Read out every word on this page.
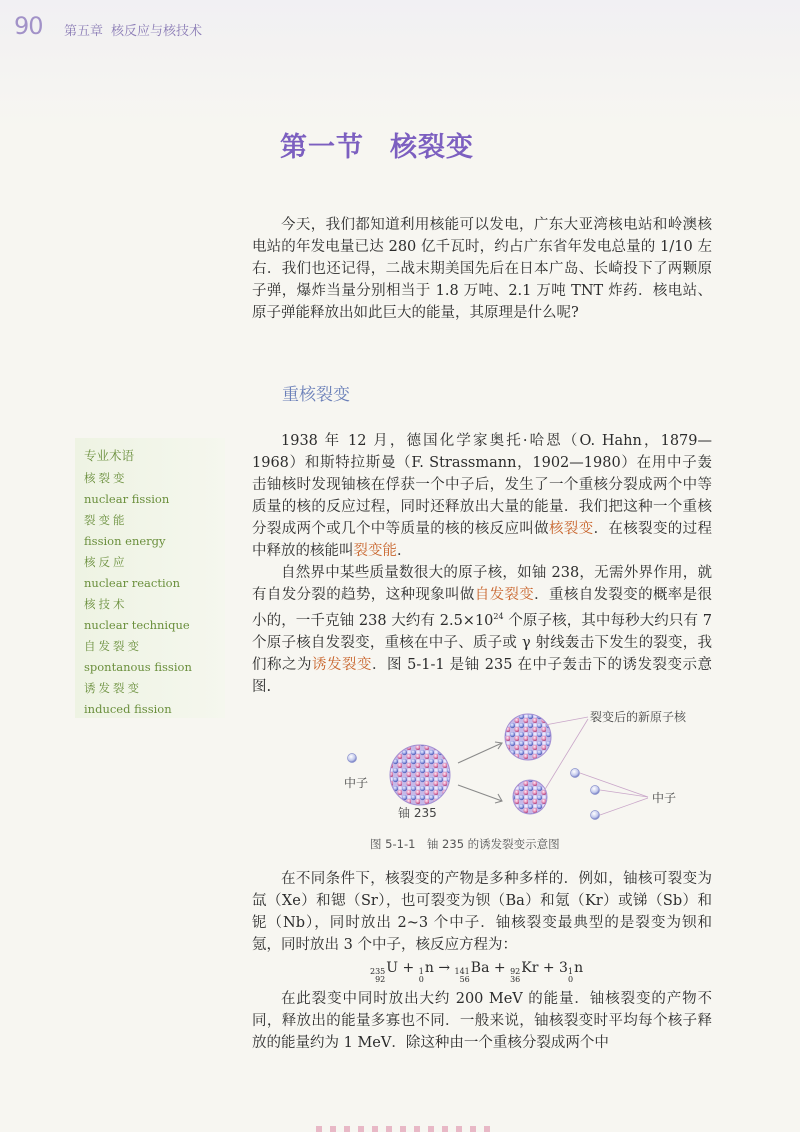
90 第五章 核反应与核技术
第一节 核裂变

今天，我们都知道利用核能可以发电，广东大亚湾核电站和岭澳核电站的年发电量已达 280 亿千瓦时，约占广东省年发电总量的 1/10 左右．我们也还记得，二战末期美国先后在日本广岛、长崎投下了两颗原子弹，爆炸当量分别相当于 1.8 万吨、2.1 万吨 TNT 炸药．核电站、原子弹能释放出如此巨大的能量，其原理是什么呢?

重核裂变

1938 年 12 月，德国化学家奥托·哈恩（O. Hahn，1879—1968）和斯特拉斯曼（F. Strassmann，1902—1980）在用中子轰击铀核时发现铀核在俘获一个中子后，发生了一个重核分裂成两个中等质量的核的反应过程，同时还释放出大量的能量．我们把这种一个重核分裂成两个或几个中等质量的核的核反应叫做核裂变．在核裂变的过程中释放的核能叫裂变能．

自然界中某些质量数很大的原子核，如铀 238，无需外界作用，就有自发分裂的趋势，这种现象叫做自发裂变．重核自发裂变的概率是很小的，一千克铀 238 大约有 $2.5\times 10^{24}$ 个原子核，其中每秒大约只有 7 个原子核自发裂变，重核在中子、质子或 γ 射线轰击下发生的裂变，我们称之为诱发裂变．图 5-1-1 是铀 235 在中子轰击下的诱发裂变示意图.

专业术语
核裂变
nuclear fission
裂变能
fission energy
核反应
nuclear reaction
核技术
nuclear technique
自发裂变
spontanous fission
诱发裂变
induced fission
中子
铀 235
裂变后的新原子核
中子
图 5-1-1　铀 235 的诱发裂变示意图

在不同条件下，核裂变的产物是多种多样的．例如，铀核可裂变为氙（Xe）和锶（Sr），也可裂变为钡（Ba）和氪（Kr）或锑（Sb）和铌（Nb），同时放出 2~3 个中子．铀核裂变最典型的是裂变为钡和氪，同时放出 3 个中子，核反应方程为：

235
92
U + 1
0
n → 141
56
Ba + 92
36
Kr + 3 1
0
n

在此裂变中同时放出大约 200 MeV 的能量．铀核裂变的产物不同，释放出的能量多寡也不同．一般来说，铀核裂变时平均每个核子释放的能量约为 1 MeV．除这种由一个重核分裂成两个中
